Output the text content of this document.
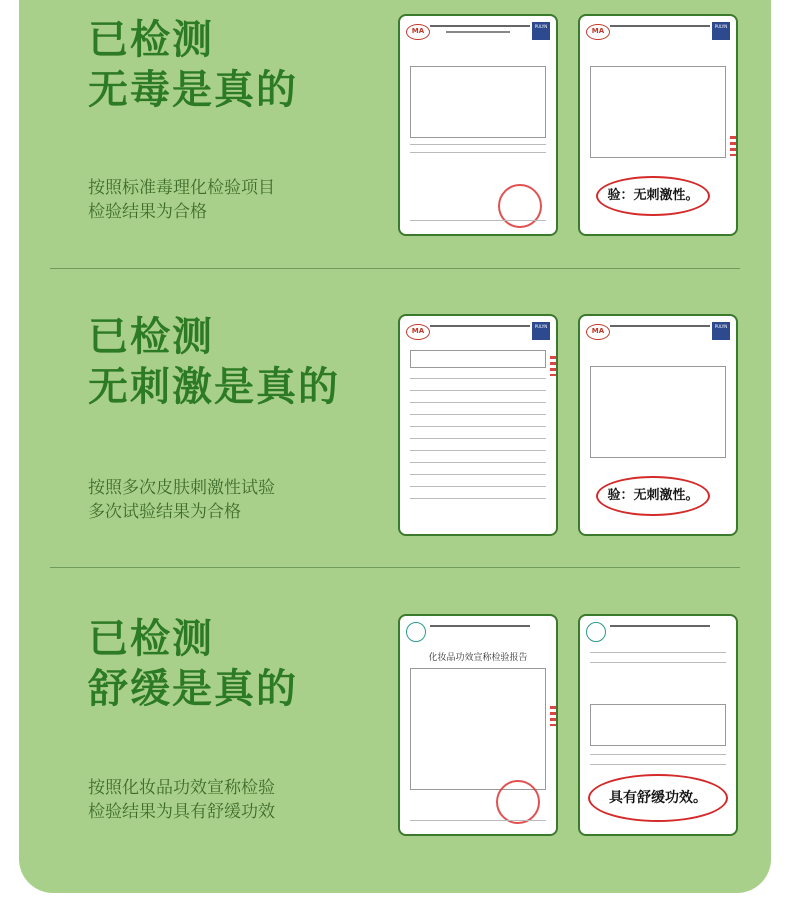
已检测
无毒是真的
按照标准毒理化检验项目
检验结果为合格
MA
PULYN
MA
PULYN
验：无刺激性。
已检测
无刺激是真的
按照多次皮肤刺激性试验
多次试验结果为合格
MA
PULYN
MA
PULYN
验：无刺激性。
已检测
舒缓是真的
按照化妆品功效宣称检验
检验结果为具有舒缓功效
化妆品功效宣称检验报告
具有舒缓功效。
